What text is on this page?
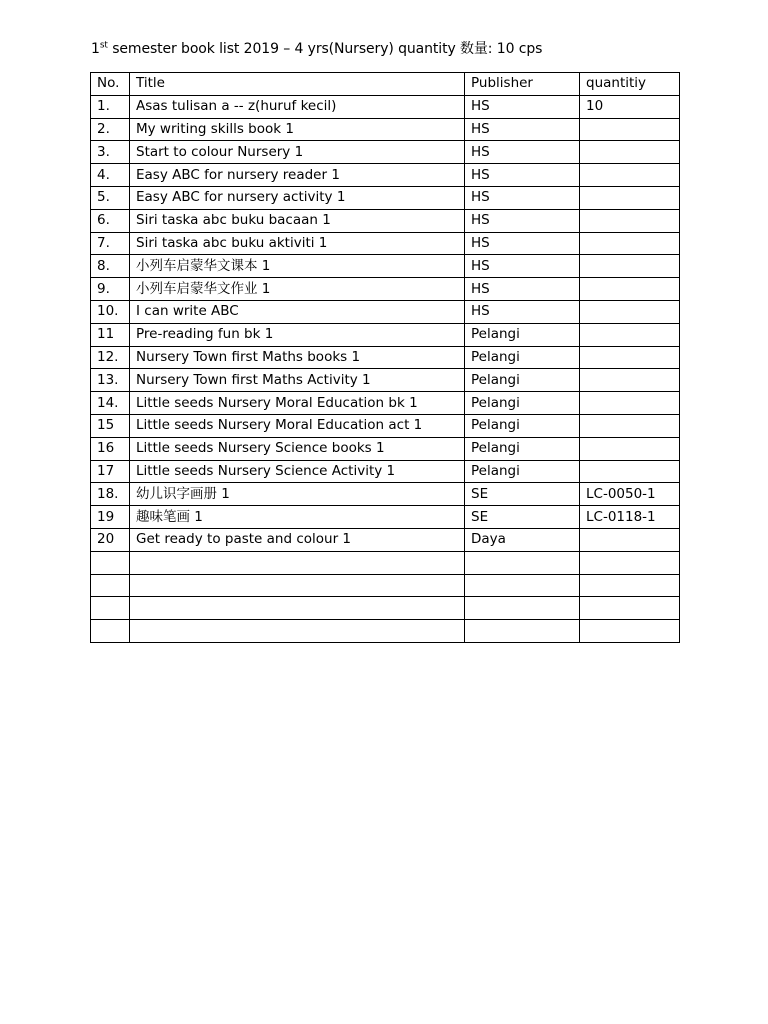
1st semester book list 2019 – 4 yrs(Nursery) quantity 数量: 10 cps
No.	Title	Publisher	quantitiy
1.	Asas tulisan a -- z(huruf kecil)	HS	10
2.	My writing skills book 1	HS	
3.	Start to colour Nursery 1	HS	
4.	Easy ABC for nursery reader 1	HS	
5.	Easy ABC for nursery activity 1	HS	
6.	Siri taska abc buku bacaan 1	HS	
7.	Siri taska abc buku aktiviti 1	HS	
8.	小列车启蒙华文课本 1	HS	
9.	小列车启蒙华文作业 1	HS	
10.	I can write ABC	HS	
11	Pre-reading fun bk 1	Pelangi	
12.	Nursery Town first Maths books 1	Pelangi	
13.	Nursery Town first Maths Activity 1	Pelangi	
14.	Little seeds Nursery Moral Education bk 1	Pelangi	
15	Little seeds Nursery Moral Education act 1	Pelangi	
16	Little seeds Nursery Science books 1	Pelangi	
17	Little seeds Nursery Science Activity 1	Pelangi	
18.	幼儿识字画册 1	SE	LC-0050-1
19	趣味笔画 1	SE	LC-0118-1
20	Get ready to paste and colour 1	Daya	
